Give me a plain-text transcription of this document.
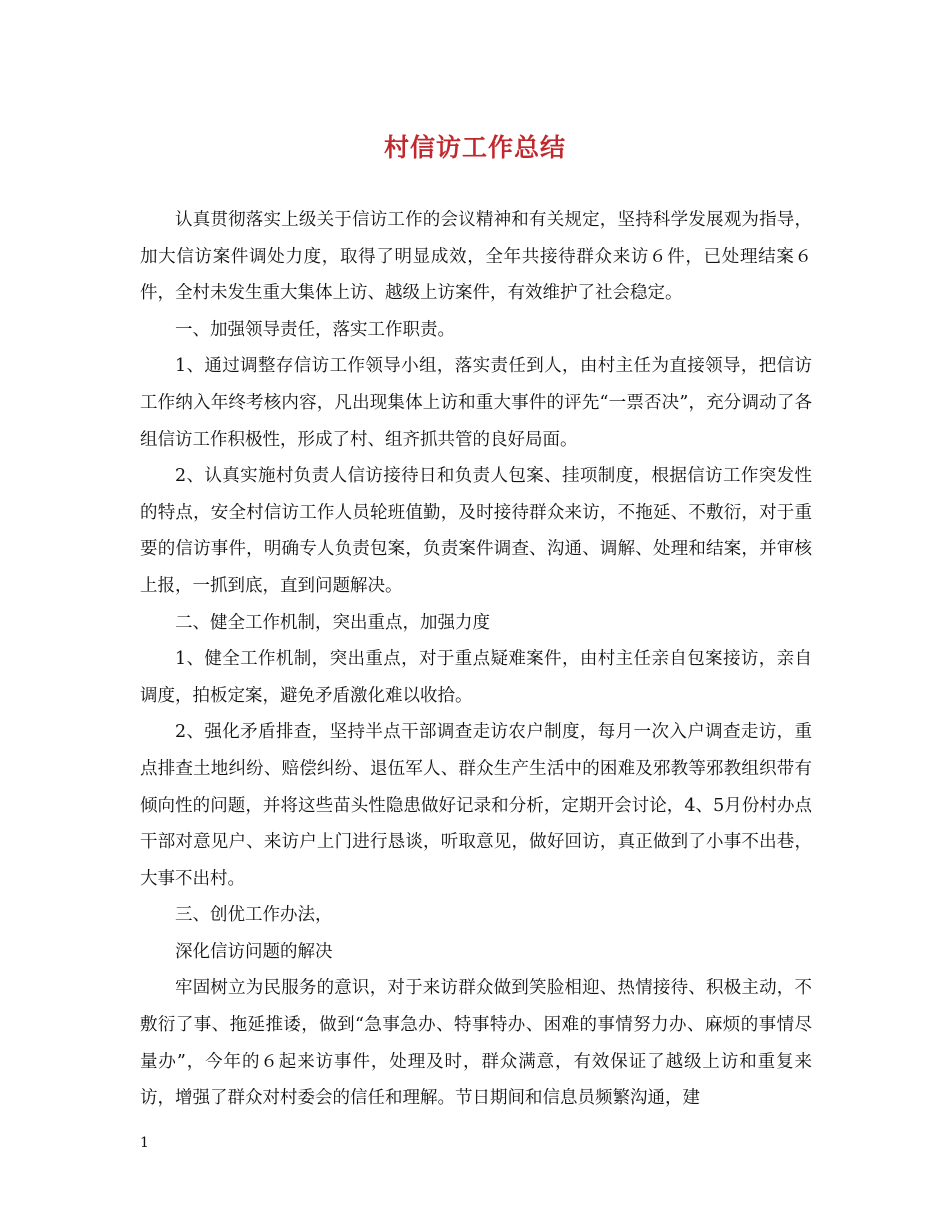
村信访工作总结

认真贯彻落实上级关于信访工作的会议精神和有关规定，坚持科学发展观为指导，加大信访案件调处力度，取得了明显成效，全年共接待群众来访６件，已处理结案６件，全村未发生重大集体上访、越级上访案件，有效维护了社会稳定。

一、加强领导责任，落实工作职责。

1、通过调整存信访工作领导小组，落实责任到人，由村主任为直接领导，把信访工作纳入年终考核内容，凡出现集体上访和重大事件的评先“一票否决”，充分调动了各组信访工作积极性，形成了村、组齐抓共管的良好局面。

2、认真实施村负责人信访接待日和负责人包案、挂项制度，根据信访工作突发性的特点，安全村信访工作人员轮班值勤，及时接待群众来访，不拖延、不敷衍，对于重要的信访事件，明确专人负责包案，负责案件调查、沟通、调解、处理和结案，并审核上报，一抓到底，直到问题解决。

二、健全工作机制，突出重点，加强力度

1、健全工作机制，突出重点，对于重点疑难案件，由村主任亲自包案接访，亲自调度，拍板定案，避免矛盾激化难以收拾。

2、强化矛盾排查，坚持半点干部调查走访农户制度，每月一次入户调查走访，重点排查土地纠纷、赔偿纠纷、退伍军人、群众生产生活中的困难及邪教等邪教组织带有倾向性的问题，并将这些苗头性隐患做好记录和分析，定期开会讨论，4、5月份村办点干部对意见户、来访户上门进行恳谈，听取意见，做好回访，真正做到了小事不出巷，大事不出村。

三、创优工作办法，

深化信访问题的解决

牢固树立为民服务的意识，对于来访群众做到笑脸相迎、热情接待、积极主动，不敷衍了事、拖延推诿，做到“急事急办、特事特办、困难的事情努力办、麻烦的事情尽量办”，今年的６起来访事件，处理及时，群众满意，有效保证了越级上访和重复来访，增强了群众对村委会的信任和理解。节日期间和信息员频繁沟通，建

1
